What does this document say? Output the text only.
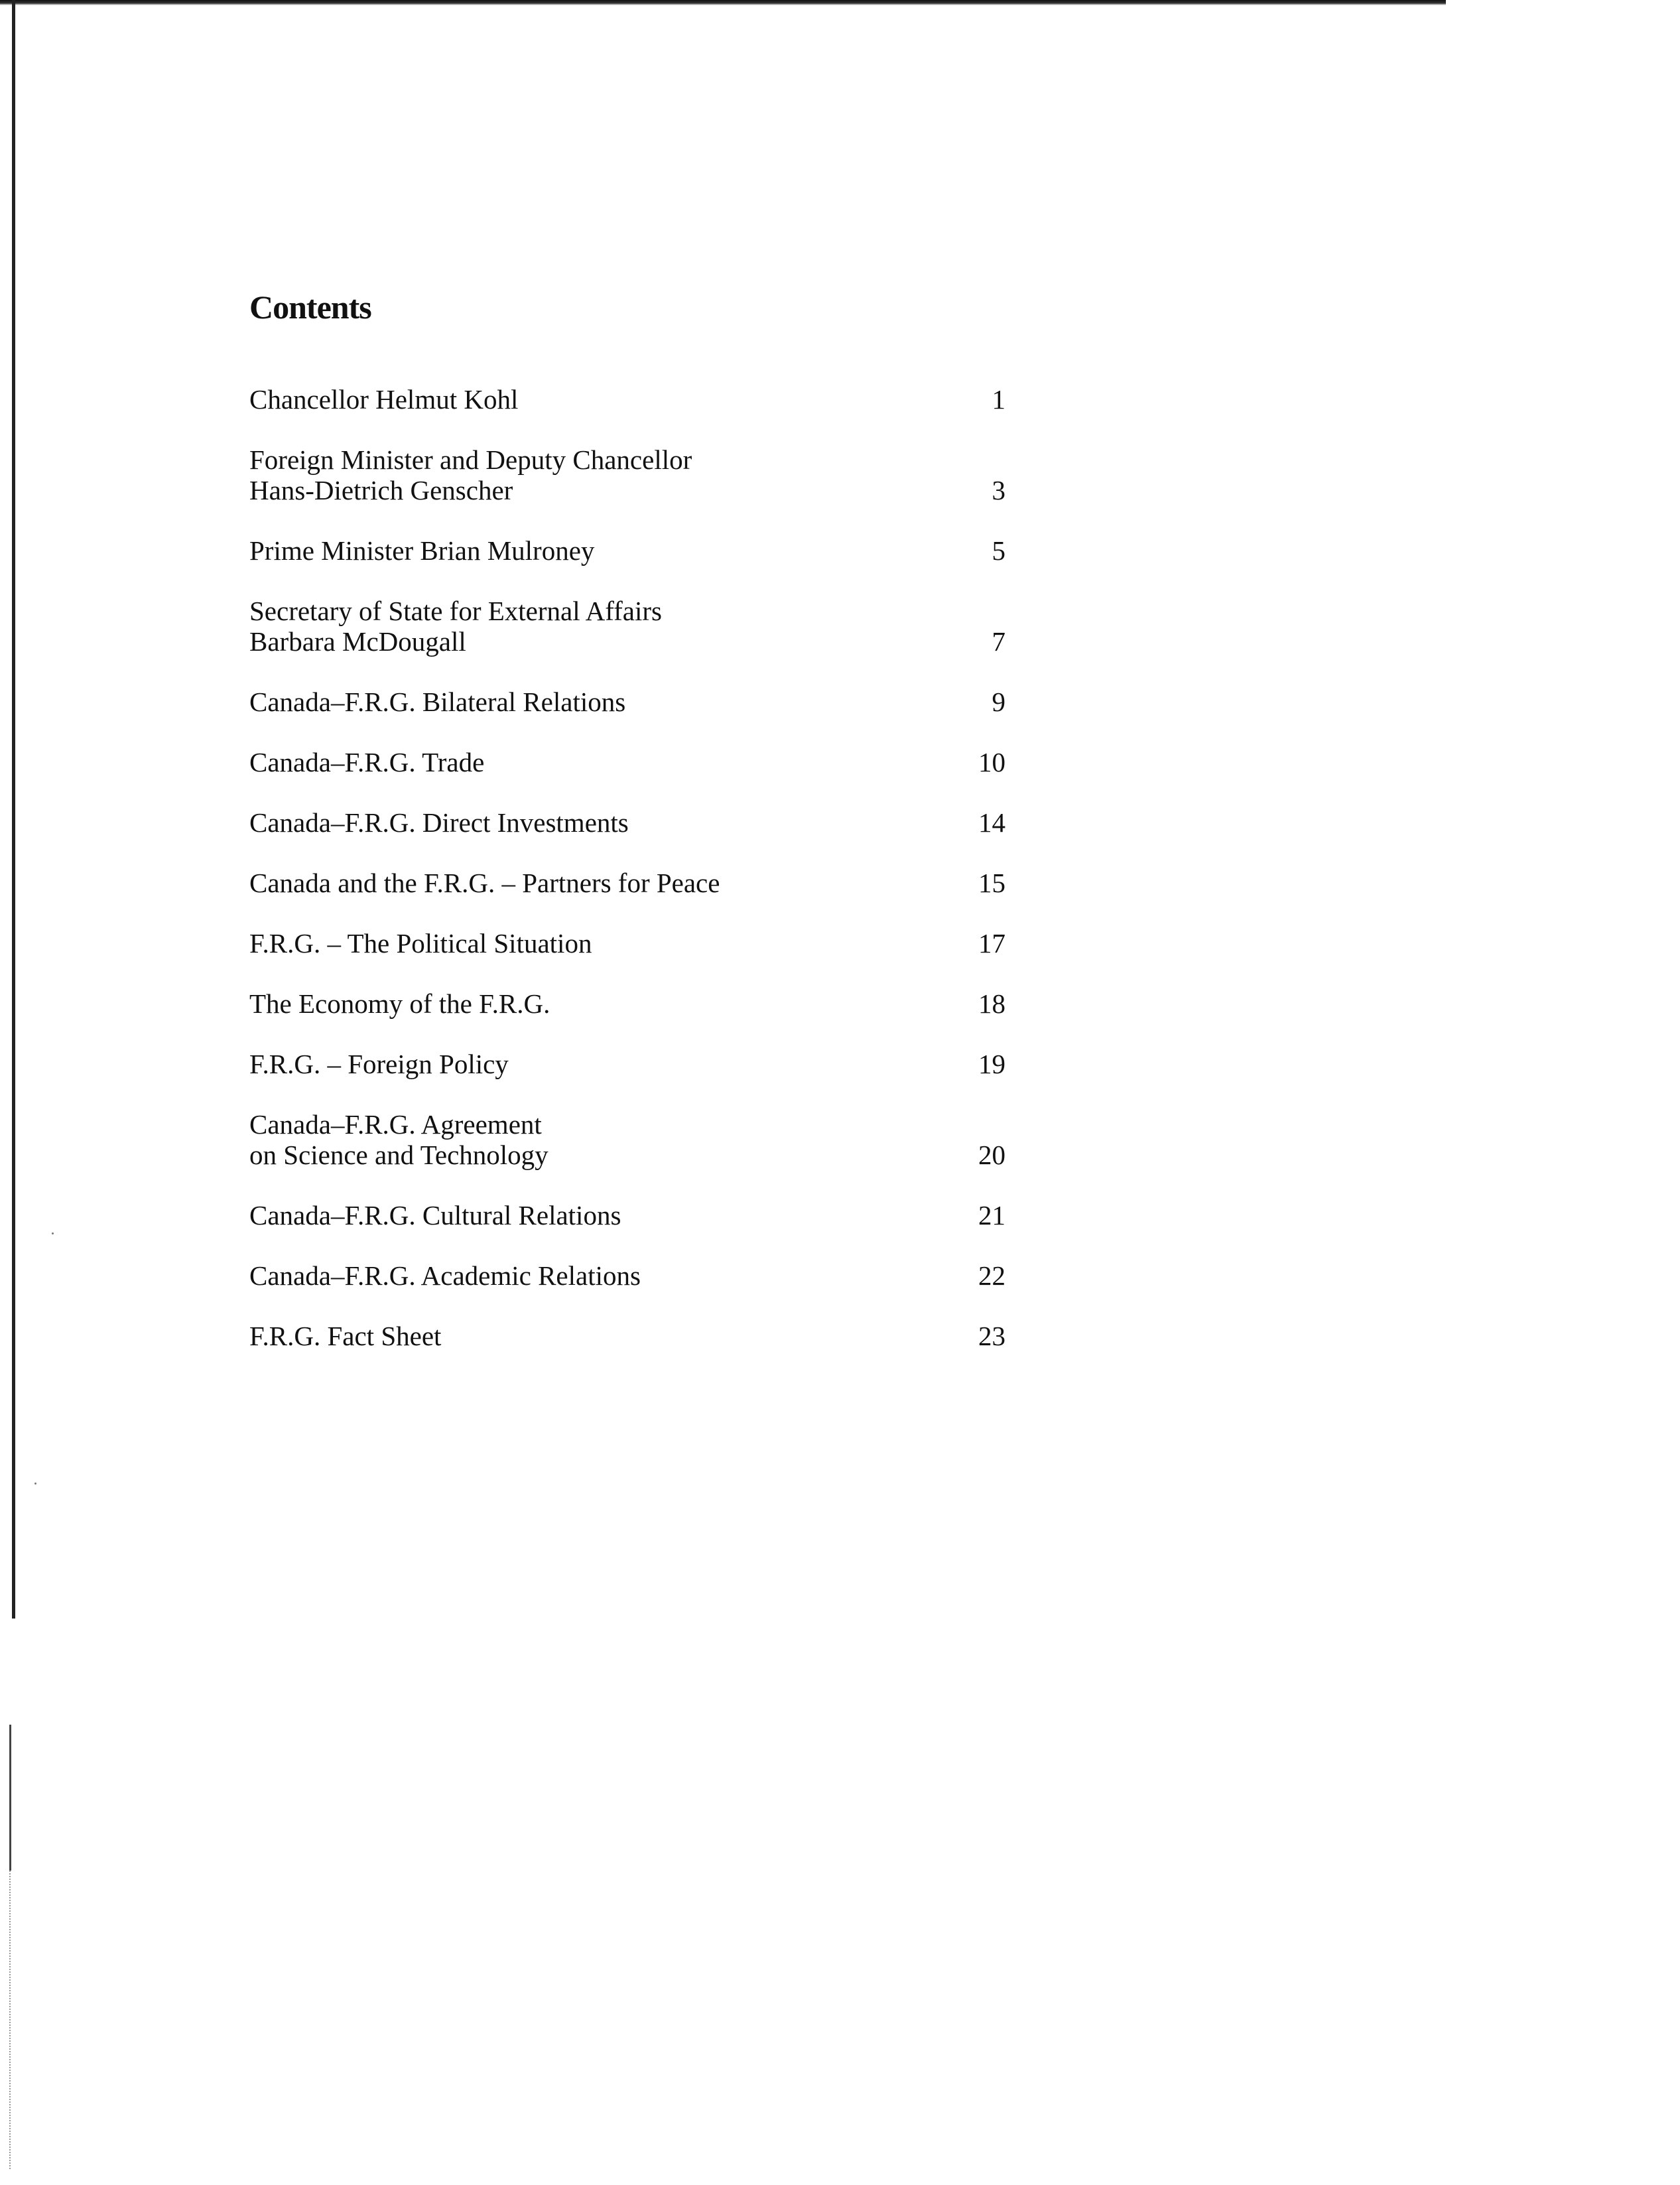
Contents
Chancellor Helmut Kohl	1
Foreign Minister and Deputy Chancellor
Hans-Dietrich Genscher	3
Prime Minister Brian Mulroney	5
Secretary of State for External Affairs
Barbara McDougall	7
Canada–F.R.G. Bilateral Relations	9
Canada–F.R.G. Trade	10
Canada–F.R.G. Direct Investments	14
Canada and the F.R.G. – Partners for Peace	15
F.R.G. – The Political Situation	17
The Economy of the F.R.G.	18
F.R.G. – Foreign Policy	19
Canada–F.R.G. Agreement
on Science and Technology	20
Canada–F.R.G. Cultural Relations	21
Canada–F.R.G. Academic Relations	22
F.R.G. Fact Sheet	23
